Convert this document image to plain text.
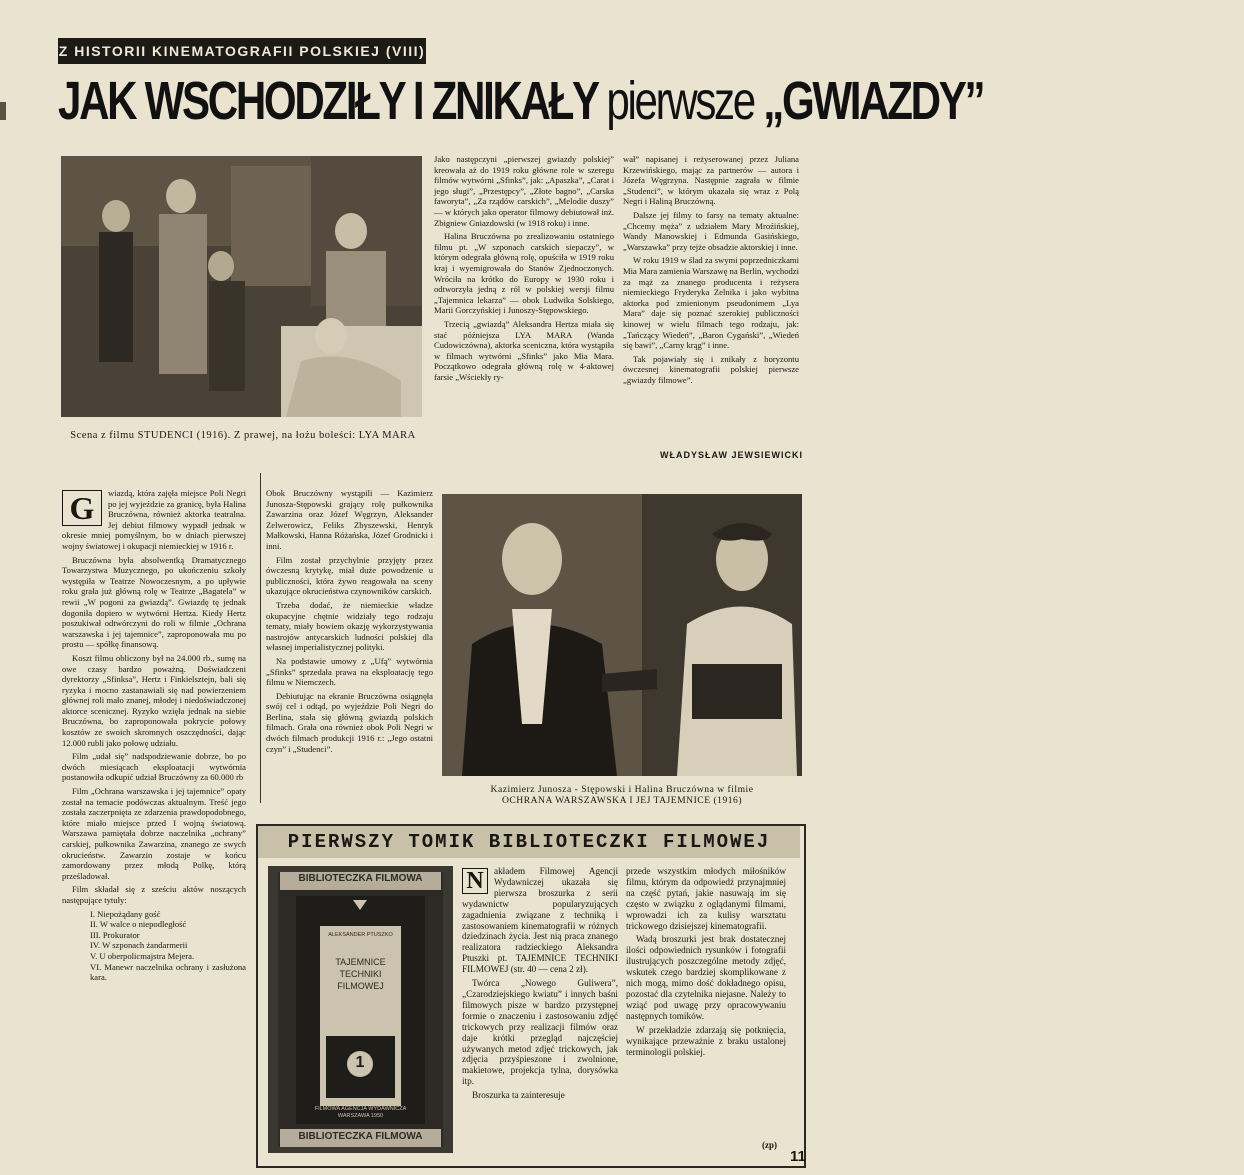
Z HISTORII KINEMATOGRAFII POLSKIEJ (VIII)
JAK WSCHODZIŁY I ZNIKAŁY pierwsze „GWIAZDY”
Scena z filmu STUDENCI (1916). Z prawej, na łożu boleści: LYA MARA

Jako następczyni „pierwszej gwiazdy polskiej” kreowała aż do 1919 roku główne role w szeregu filmów wytwórni „Sfinks”, jak: „Apaszka”, „Carat i jego sługi”, „Przestępcy”, „Złote bagno”, „Carska faworyta”, „Za rządów carskich”, „Melodie duszy” — w których jako operator filmowy debiutował inż. Zbigniew Gniazdowski (w 1918 roku) i inne.

Halina Bruczówna po zrealizowaniu ostatniego filmu pt. „W szponach carskich siepaczy”, w którym odegrała główną rolę, opuściła w 1919 roku kraj i wyemigrowała do Stanów Zjednoczonych. Wróciła na krótko do Europy w 1930 roku i odtworzyła jedną z ról w polskiej wersji filmu „Tajemnica lekarza” — obok Ludwika Solskiego, Marii Gorczyńskiej i Junoszy-Stępowskiego.

Trzecią „gwiazdą” Aleksandra Hertza miała się stać późniejsza LYA MARA (Wanda Cudowiczówna), aktorka sceniczna, która wystąpiła w filmach wytwórni „Sfinks” jako Mia Mara. Początkowo odegrała główną rolę w 4-aktowej farsie „Wściekły ry-

wał” napisanej i reżyserowanej przez Juliana Krzewińskiego, mając za partnerów — autora i Józefa Węgrzyna. Następnie zagrała w filmie „Studenci”, w którym ukazała się wraz z Polą Negri i Haliną Bruczówną.

Dalsze jej filmy to farsy na tematy aktualne: „Chcemy męża” z udziałem Mary Mroźińskiej, Wandy Manowskiej i Edmunda Gasińskiego, „Warszawka” przy tejże obsadzie aktorskiej i inne.

W roku 1919 w ślad za swymi poprzedniczkami Mia Mara zamienia Warszawę na Berlin, wychodzi za mąż za znanego producenta i reżysera niemieckiego Fryderyka Zelnika i jako wybitna aktorka pod zmienionym pseudonimem „Lya Mara” daje się poznać szerokiej publiczności kinowej w wielu filmach tego rodzaju, jak: „Tańczący Wiedeń”, „Baron Cygański”, „Wiedeń się bawi”, „Carny krąg” i inne.

Tak pojawiały się i znikały z horyzontu ówczesnej kinematografii polskiej pierwsze „gwiazdy filmowe”.

WŁADYSŁAW JEWSIEWICKI
G	wiazdą, która zajęła miejsce Poli Negri po jej wyjeździe za granicę, była Halina Bruczówna, również aktorka teatralna. Jej debiut filmowy wypadł jednak w okresie mniej pomyślnym, bo w dniach pierwszej wojny światowej i okupacji niemieckiej w 1916 r.

Bruczówna była absolwentką Dramatycznego Towarzystwa Muzycznego, po ukończeniu szkoły występiła w Teatrze Nowoczesnym, a po upływie roku grała już główną rolę w Teatrze „Bagatela” w rewii „W pogoni za gwiazdą”. Gwiazdę tę jednak dogoniła dopiero w wytwórni Hertza. Kiedy Hertz poszukiwał odtwórczyni do roli w filmie „Ochrana warszawska i jej tajemnice”, zaproponowała mu po prostu — spółkę finansową.

Koszt filmu obliczony był na 24.000 rb., sumę na owe czasy bardzo poważną. Doświadczeni dyrektorzy „Sfinksa”, Hertz i Finkielsztejn, bali się ryzyka i mocno zastanawiali się nad powierzeniem głównej roli mało znanej, młodej i niedoświadczonej aktorce scenicznej. Ryzyko wzięła jednak na siebie Bruczówna, bo zaproponowała pokrycie połowy kosztów ze swoich skromnych oszczędności, dając 12.000 rubli jako połowę udziału.

Film „udał się” nadspodziewanie dobrze, bo po dwóch miesiącach eksploatacji wytwórnia postanowiła odkupić udział Bruczówny za 60.000 rb

Film „Ochrana warszawska i jej tajemnice” opaty został na temacie podówczas aktualnym. Treść jego została zaczerpnięta ze zdarzenia prawdopodobnego, które miało miejsce przed I wojną światową. Warszawa pamiętała dobrze naczelnika „ochrany” carskiej, pułkownika Zawarzina, znanego ze swych okrucieństw. Zawarzin zostaje w końcu zamordowany przez młodą Polkę, którą prześladował.

Film składał się z sześciu aktów noszących następujące tytuły:

I. Niepożądany gość
II. W walce o niepodległość
III. Prokurator
IV. W szponach żandarmerii
V. U oberpolicmajstra Mejera.
VI. Manewr naczelnika ochrany i zasłużona kara.

Obok Bruczówny wystąpili — Kazimierz Junosza-Stępowski grający rolę pułkownika Zawarzina oraz Józef Węgrzyn, Aleksander Zelwerowicz, Feliks Zbyszewski, Henryk Małkowski, Hanna Różańska, Józef Grodnicki i inni.

Film został przychylnie przyjęty przez ówczesną krytykę, miał duże powodzenie u publiczności, która żywo reagowała na sceny ukazujące okrucieństwa czynowników carskich.

Trzeba dodać, że niemieckie władze okupacyjne chętnie widziały tego rodzaju tematy, miały bowiem okazję wykorzystywania nastrojów antycarskich ludności polskiej dla własnej imperialistycznej polityki.

Na podstawie umowy z „Ufą” wytwórnia „Sfinks” sprzedała prawa na eksploatację tego filmu w Niemczech.

Debiutując na ekranie Bruczówna osiągnęła swój cel i odtąd, po wyjeździe Poli Negri do Berlina, stała się główną gwiazdą polskich filmach. Grała ona również obok Poli Negri w dwóch filmach produkcji 1916 r.: „Jego ostatni czyn” i „Studenci”.

Kazimierz Junosza - Stępowski i Halina Bruczówna w filmie
OCHRANA WARSZAWSKA I JEJ TAJEMNICE (1916)
PIERWSZY TOMIK BIBLIOTECZKI FILMOWEJ
BIBLIOTECZKA FILMOWA
ALEKSANDER PTUSZKO
TAJEMNICE
TECHNIKI FILMOWEJ
1
FILMOWA AGENCJA WYDAWNICZA
WARSZAWA 1950
BIBLIOTECZKA FILMOWA
N	akładem Filmowej Agencji Wydawniczej ukazała się pierwsza broszurka z serii wydawnictw popularyzujących zagadnienia związane z techniką i zastosowaniem kinematografii w różnych dziedzinach życia. Jest nią praca znanego realizatora radzieckiego Aleksandra Ptuszki pt. TAJEMNICE TECHNIKI FILMOWEJ (str. 40 — cena 2 zł).

Twórca „Nowego Guliwera”, „Czarodziejskiego kwiatu” i innych baśni filmowych pisze w bardzo przystępnej formie o znaczeniu i zastosowaniu zdjęć trickowych przy realizacji filmów oraz daje krótki przegląd najczęściej używanych metod zdjęć trickowych, jak zdjęcia przyśpieszone i zwolnione, makietowe, projekcja tylna, dorysówka itp.

Broszurka ta zainteresuje

przede wszystkim młodych miłośników filmu, którym da odpowiedź przynajmniej na część pytań, jakie nasuwają im się często w związku z oglądanymi filmami, wprowadzi ich za kulisy warsztatu trickowego dzisiejszej kinematografii.

Wadą broszurki jest brak dostatecznej ilości odpowiednich rysunków i fotografii ilustrujących poszczególne metody zdjęć, wskutek czego bardziej skomplikowane z nich mogą, mimo dość dokładnego opisu, pozostać dla czytelnika niejasne. Należy to wziąć pod uwagę przy opracowywaniu następnych tomików.

W przekładzie zdarzają się potknięcia, wynikające przeważnie z braku ustalonej terminologii polskiej.

(zp)
11
